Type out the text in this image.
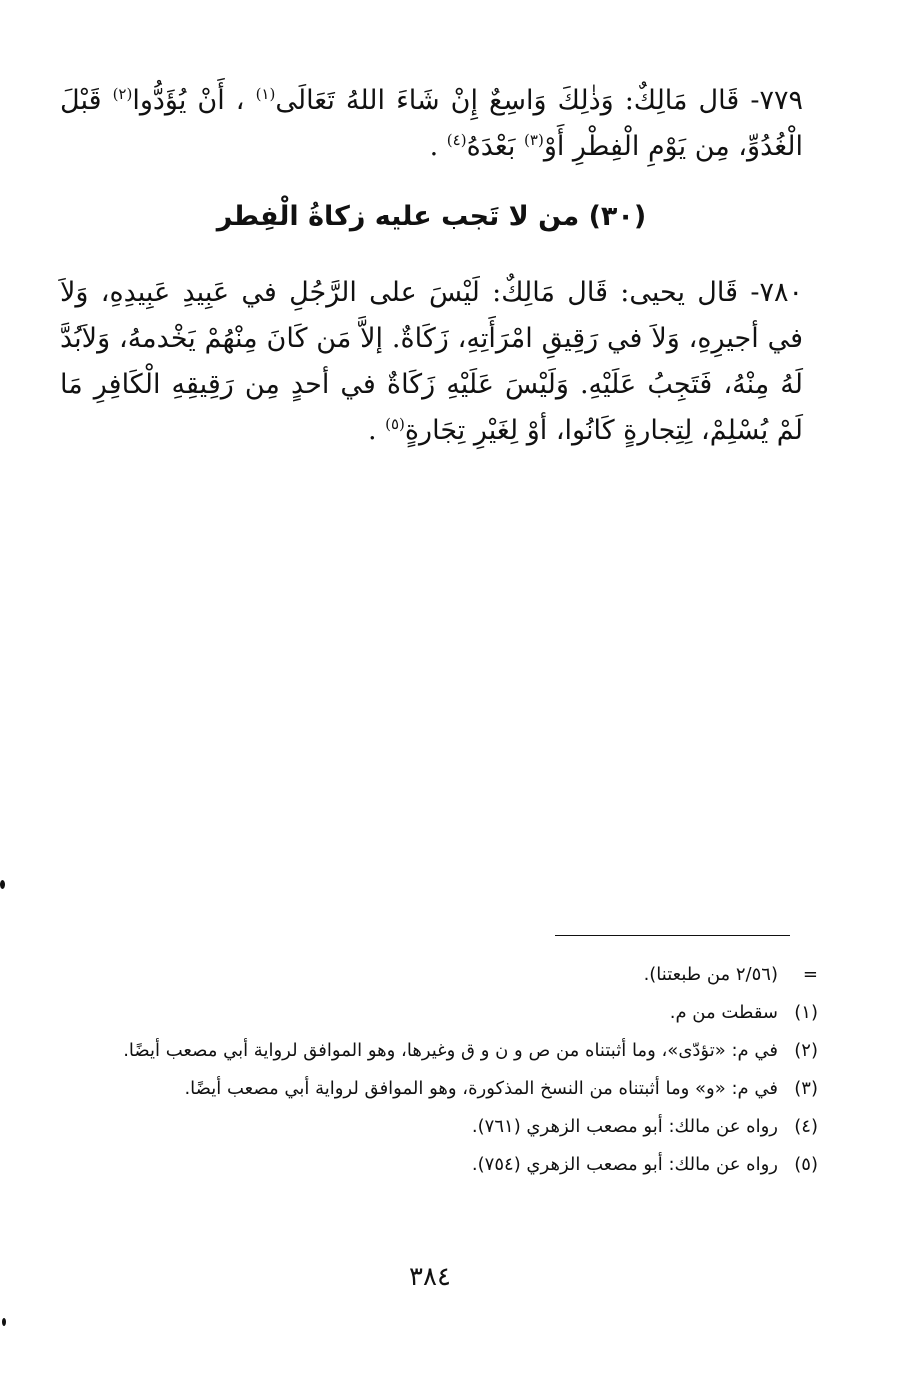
٧٧٩- قَال مَالِكٌ: وَذٰلِكَ وَاسِعٌ إِنْ شَاءَ اللهُ تَعَالَى$^{(١)}$ ، أَنْ يُؤَدُّوا$^{(٢)}$ قَبْلَ الْغُدُوِّ، مِن يَوْمِ الْفِطْرِ أَوْ$^{(٣)}$ بَعْدَهُ$^{(٤)}$ .

(٣٠) من لا تَجب عليه زكاةُ الْفِطر

٧٨٠- قَال يحيى: قَال مَالِكٌ: لَيْسَ على الرَّجُلِ في عَبِيدِ عَبِيدِهِ، وَلاَ في أجيرِهِ، وَلاَ في رَقِيقِ امْرَأَتِهِ، زَكَاةٌ. إلاَّ مَن كَانَ مِنْهُمْ يَخْدمهُ، وَلاَبُدَّ لَهُ مِنْهُ، فَتَجِبُ عَلَيْهِ. وَلَيْسَ عَلَيْهِ زَكَاةٌ في أحدٍ مِن رَقِيقِهِ الْكَافِرِ مَا لَمْ يُسْلِمْ، لِتِجارةٍ كَانُوا، أوْ لِغَيْرِ تِجَارةٍ$^{(٥)}$ .

=
(٢/٥٦ من طبعتنا).
(١)
سقطت من م.
(٢)
في م: «تؤدّى»، وما أثبتناه من ص و ن و ق وغيرها، وهو الموافق لرواية أبي مصعب أيضًا.
(٣)
في م: «و» وما أثبتناه من النسخ المذكورة، وهو الموافق لرواية أبي مصعب أيضًا.
(٤)
رواه عن مالك: أبو مصعب الزهري (٧٦١).
(٥)
رواه عن مالك: أبو مصعب الزهري (٧٥٤).
٣٨٤
